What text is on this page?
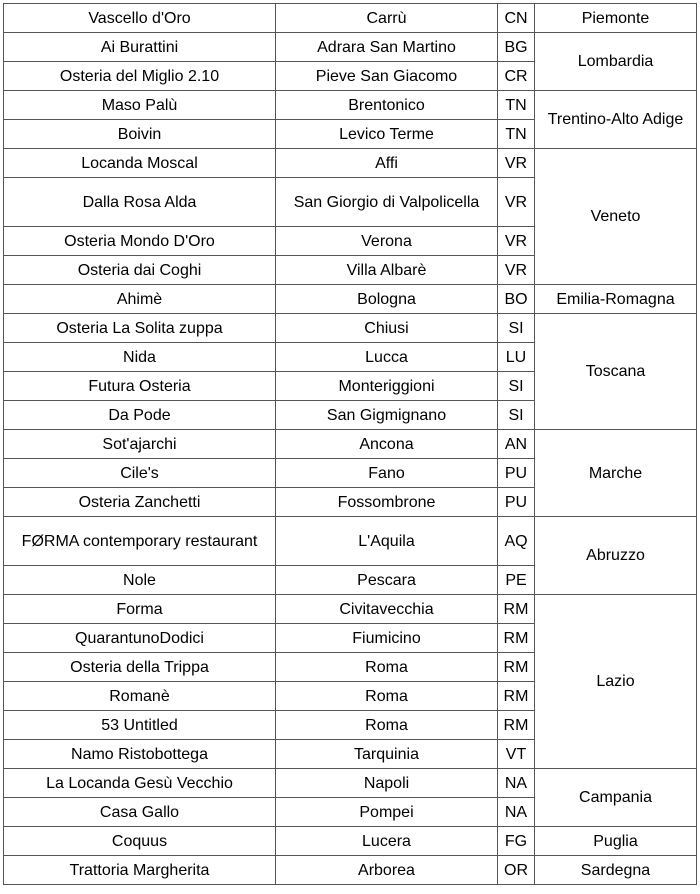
Vascello d'Oro	Carrù	CN	Piemonte
Ai Burattini	Adrara San Martino	BG	Lombardia
Osteria del Miglio 2.10	Pieve San Giacomo	CR	
Maso Palù	Brentonico	TN	Trentino-Alto Adige
Boivin	Levico Terme	TN	
Locanda Moscal	Affi	VR	Veneto
Dalla Rosa Alda	San Giorgio di Valpolicella	VR	
Osteria Mondo D'Oro	Verona	VR	
Osteria dai Coghi	Villa Albarè	VR	
Ahimè	Bologna	BO	Emilia-Romagna
Osteria La Solita zuppa	Chiusi	SI	Toscana
Nida	Lucca	LU	
Futura Osteria	Monteriggioni	SI	
Da Pode	San Gigmignano	SI	
Sot'ajarchi	Ancona	AN	Marche
Cile's	Fano	PU	
Osteria Zanchetti	Fossombrone	PU	
FØRMA contemporary restaurant	L'Aquila	AQ	Abruzzo
Nole	Pescara	PE	
Forma	Civitavecchia	RM	Lazio
QuarantunoDodici	Fiumicino	RM	
Osteria della Trippa	Roma	RM	
Romanè	Roma	RM	
53 Untitled	Roma	RM	
Namo Ristobottega	Tarquinia	VT	
La Locanda Gesù Vecchio	Napoli	NA	Campania
Casa Gallo	Pompei	NA	
Coquus	Lucera	FG	Puglia
Trattoria Margherita	Arborea	OR	Sardegna
